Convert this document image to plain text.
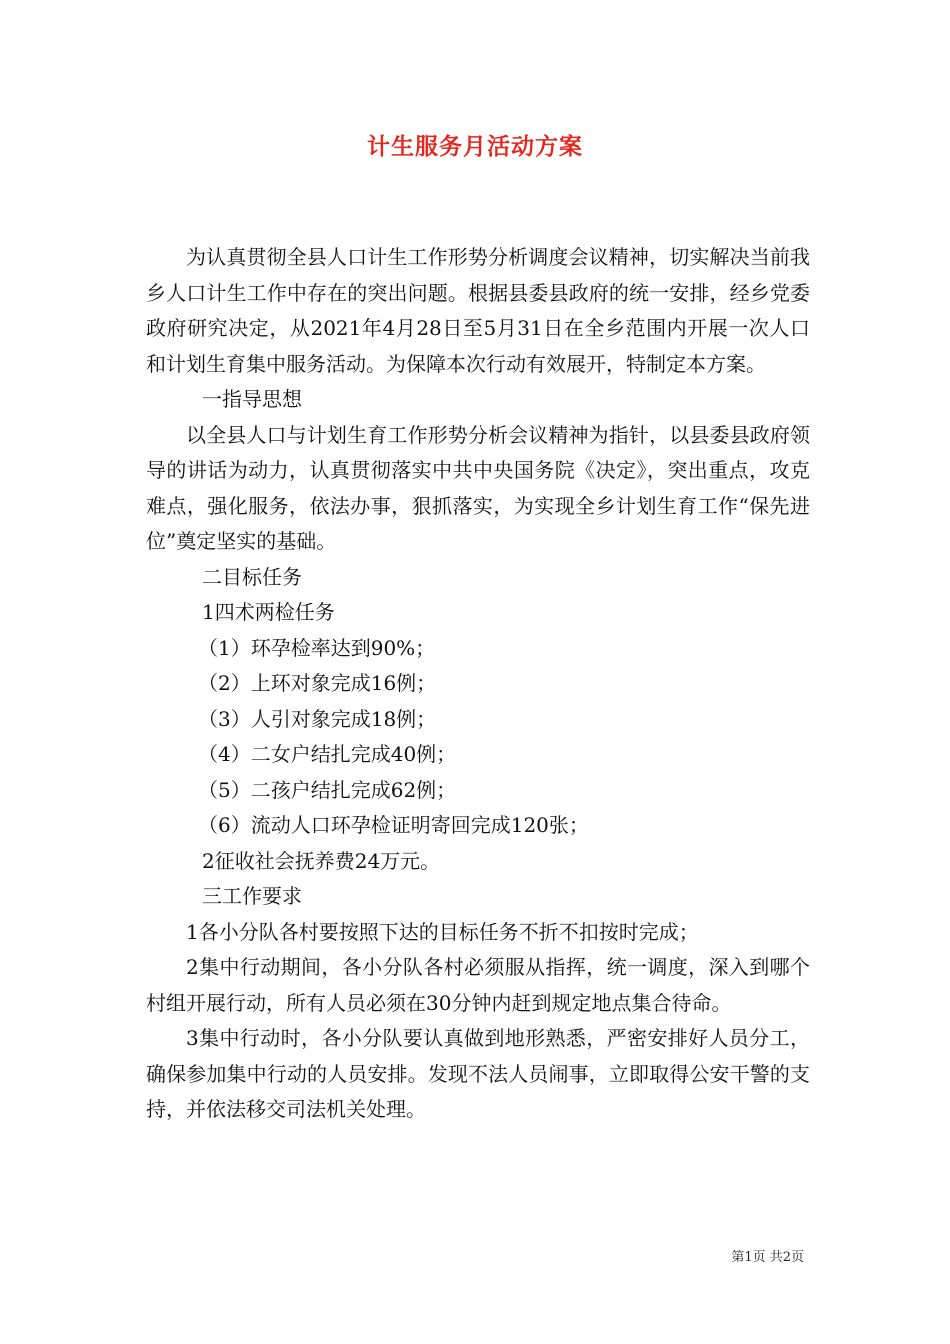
计生服务月活动方案

为认真贯彻全县人口计生工作形势分析调度会议精神，切实解决当前我乡人口计生工作中存在的突出问题。根据县委县政府的统一安排，经乡党委政府研究决定，从2021年4月28日至5月31日在全乡范围内开展一次人口和计划生育集中服务活动。为保障本次行动有效展开，特制定本方案。

一指导思想

以全县人口与计划生育工作形势分析会议精神为指针，以县委县政府领导的讲话为动力，认真贯彻落实中共中央国务院《决定》，突出重点，攻克难点，强化服务，依法办事，狠抓落实，为实现全乡计划生育工作“保先进位”奠定坚实的基础。

二目标任务

1四术两检任务

（1）环孕检率达到90%；

（2）上环对象完成16例；

（3）人引对象完成18例；

（4）二女户结扎完成40例；

（5）二孩户结扎完成62例；

（6）流动人口环孕检证明寄回完成120张；

2征收社会抚养费24万元。

三工作要求

1各小分队各村要按照下达的目标任务不折不扣按时完成；

2集中行动期间，各小分队各村必须服从指挥，统一调度，深入到哪个村组开展行动，所有人员必须在30分钟内赶到规定地点集合待命。

3集中行动时，各小分队要认真做到地形熟悉，严密安排好人员分工，确保参加集中行动的人员安排。发现不法人员闹事，立即取得公安干警的支持，并依法移交司法机关处理。

第1页 共2页
